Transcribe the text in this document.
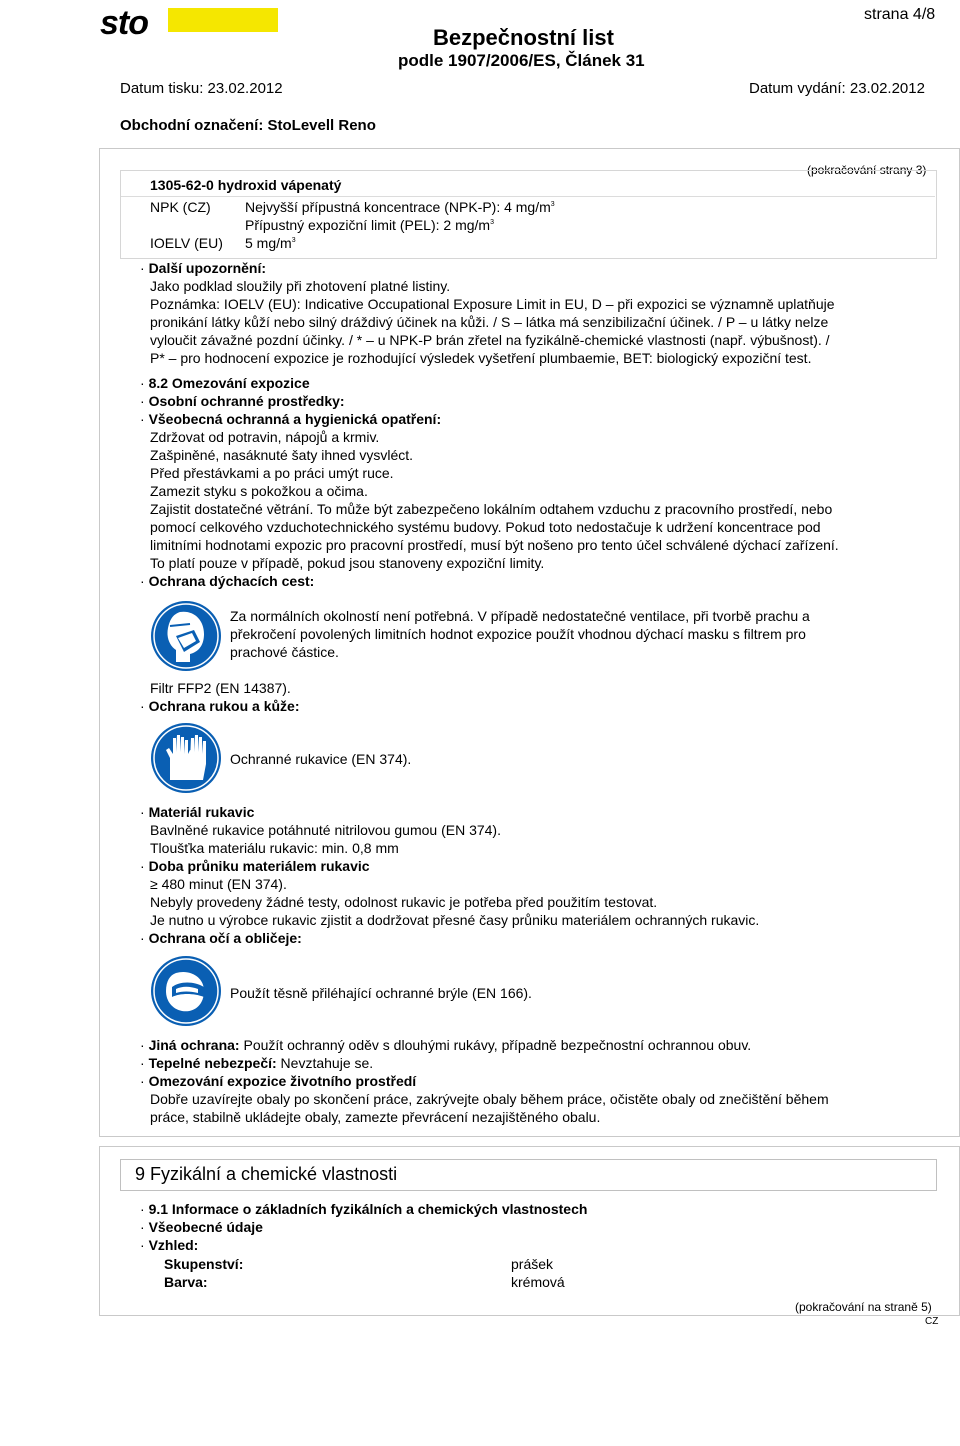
sto	strana 4/8
Bezpečnostní list
podle 1907/2006/ES, Článek 31
Datum tisku: 23.02.2012	Datum vydání: 23.02.2012
Obchodní označení: StoLevell Reno
(pokračování strany 3)
1305-62-0 hydroxid vápenatý
NPK (CZ) Nejvyšší přípustná koncentrace (NPK-P): 4 $mg/m^3$
Přípustný expoziční limit (PEL): 2 $mg/m^3$
IOELV (EU) 5 $mg/m^3$
· Další upozornění:
Jako podklad sloužily při zhotovení platné listiny.
Poznámka: IOELV (EU): Indicative Occupational Exposure Limit in EU, D – při expozici se významně uplatňuje
pronikání látky kůží nebo silný dráždivý účinek na kůži. / S – látka má senzibilizační účinek. / P – u látky nelze
vyloučit závažné pozdní účinky. / * – u NPK-P brán zřetel na fyzikálně-chemické vlastnosti (např. výbušnost). /
P* – pro hodnocení expozice je rozhodující výsledek vyšetření plumbaemie, BET: biologický expoziční test.
· 8.2 Omezování expozice
· Osobní ochranné prostředky:
· Všeobecná ochranná a hygienická opatření:
Zdržovat od potravin, nápojů a krmiv.
Zašpiněné, nasáknuté šaty ihned vysvléct.
Před přestávkami a po práci umýt ruce.
Zamezit styku s pokožkou a očima.
Zajistit dostatečné větrání. To může být zabezpečeno lokálním odtahem vzduchu z pracovního prostředí, nebo
pomocí celkového vzduchotechnického systému budovy. Pokud toto nedostačuje k udržení koncentrace pod
limitními hodnotami expozic pro pracovní prostředí, musí být nošeno pro tento účel schválené dýchací zařízení.
To platí pouze v případě, pokud jsou stanoveny expoziční limity.
· Ochrana dýchacích cest:
Za normálních okolností není potřebná. V případě nedostatečné ventilace, při tvorbě prachu a
překročení povolených limitních hodnot expozice použít vhodnou dýchací masku s filtrem pro
prachové částice.
Filtr FFP2 (EN 14387).
· Ochrana rukou a kůže:
Ochranné rukavice (EN 374).
· Materiál rukavic
Bavlněné rukavice potáhnuté nitrilovou gumou (EN 374).
Tloušťka materiálu rukavic: min. 0,8 mm
· Doba průniku materiálem rukavic
≥ 480 minut (EN 374).
Nebyly provedeny žádné testy, odolnost rukavic je potřeba před použitím testovat.
Je nutno u výrobce rukavic zjistit a dodržovat přesné časy průniku materiálem ochranných rukavic.
· Ochrana očí a obličeje:
Použít těsně přiléhající ochranné brýle (EN 166).
· Jiná ochrana: Použít ochranný oděv s dlouhými rukávy, případně bezpečnostní ochrannou obuv.
· Tepelné nebezpečí: Nevztahuje se.
· Omezování expozice životního prostředí
Dobře uzavírejte obaly po skončení práce, zakrývejte obaly během práce, očistěte obaly od znečištění během
práce, stabilně ukládejte obaly, zamezte převrácení nezajištěného obalu.
9 Fyzikální a chemické vlastnosti
· 9.1 Informace o základních fyzikálních a chemických vlastnostech
· Všeobecné údaje
· Vzhled:
Skupenství:	prášek
Barva:	krémová
(pokračování na straně 5)
CZ
